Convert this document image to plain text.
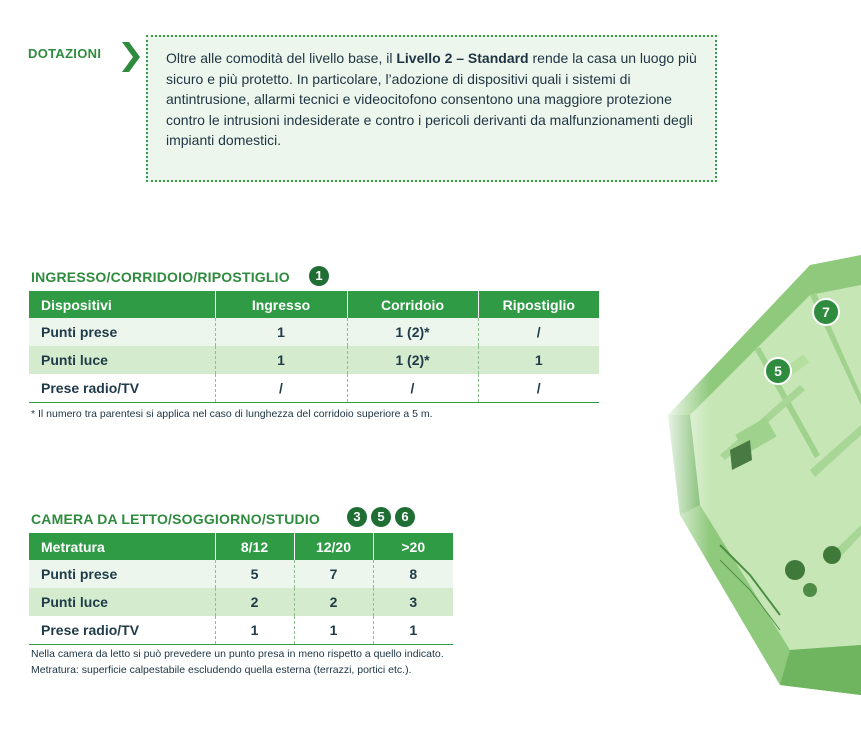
DOTAZIONI	Oltre alle comodità del livello base, il Livello 2 – Standard rende la casa un luogo più sicuro e più protetto. In particolare, l’adozione di dispositivi quali i sistemi di antintrusione, allarmi tecnici e videocitofono consentono una maggiore protezione contro le intrusioni indesiderate e contro i pericoli derivanti da malfunzionamenti degli impianti domestici.
INGRESSO/CORRIDOIO/RIPOSTIGLIO	1
Dispositivi	Ingresso	Corridoio	Ripostiglio
Punti prese	1	1 (2)*	/
Punti luce	1	1 (2)*	1
Prese radio/TV	/	/	/
* Il numero tra parentesi si applica nel caso di lunghezza del corridoio superiore a 5 m.
CAMERA DA LETTO/SOGGIORNO/STUDIO	3	5	6
Metratura	8/12	12/20	>20
Punti prese	5	7	8
Punti luce	2	2	3
Prese radio/TV	1	1	1
Nella camera da letto si può prevedere un punto presa in meno rispetto a quello indicato.
Metratura: superficie calpestabile escludendo quella esterna (terrazzi, portici etc.).
7
5
